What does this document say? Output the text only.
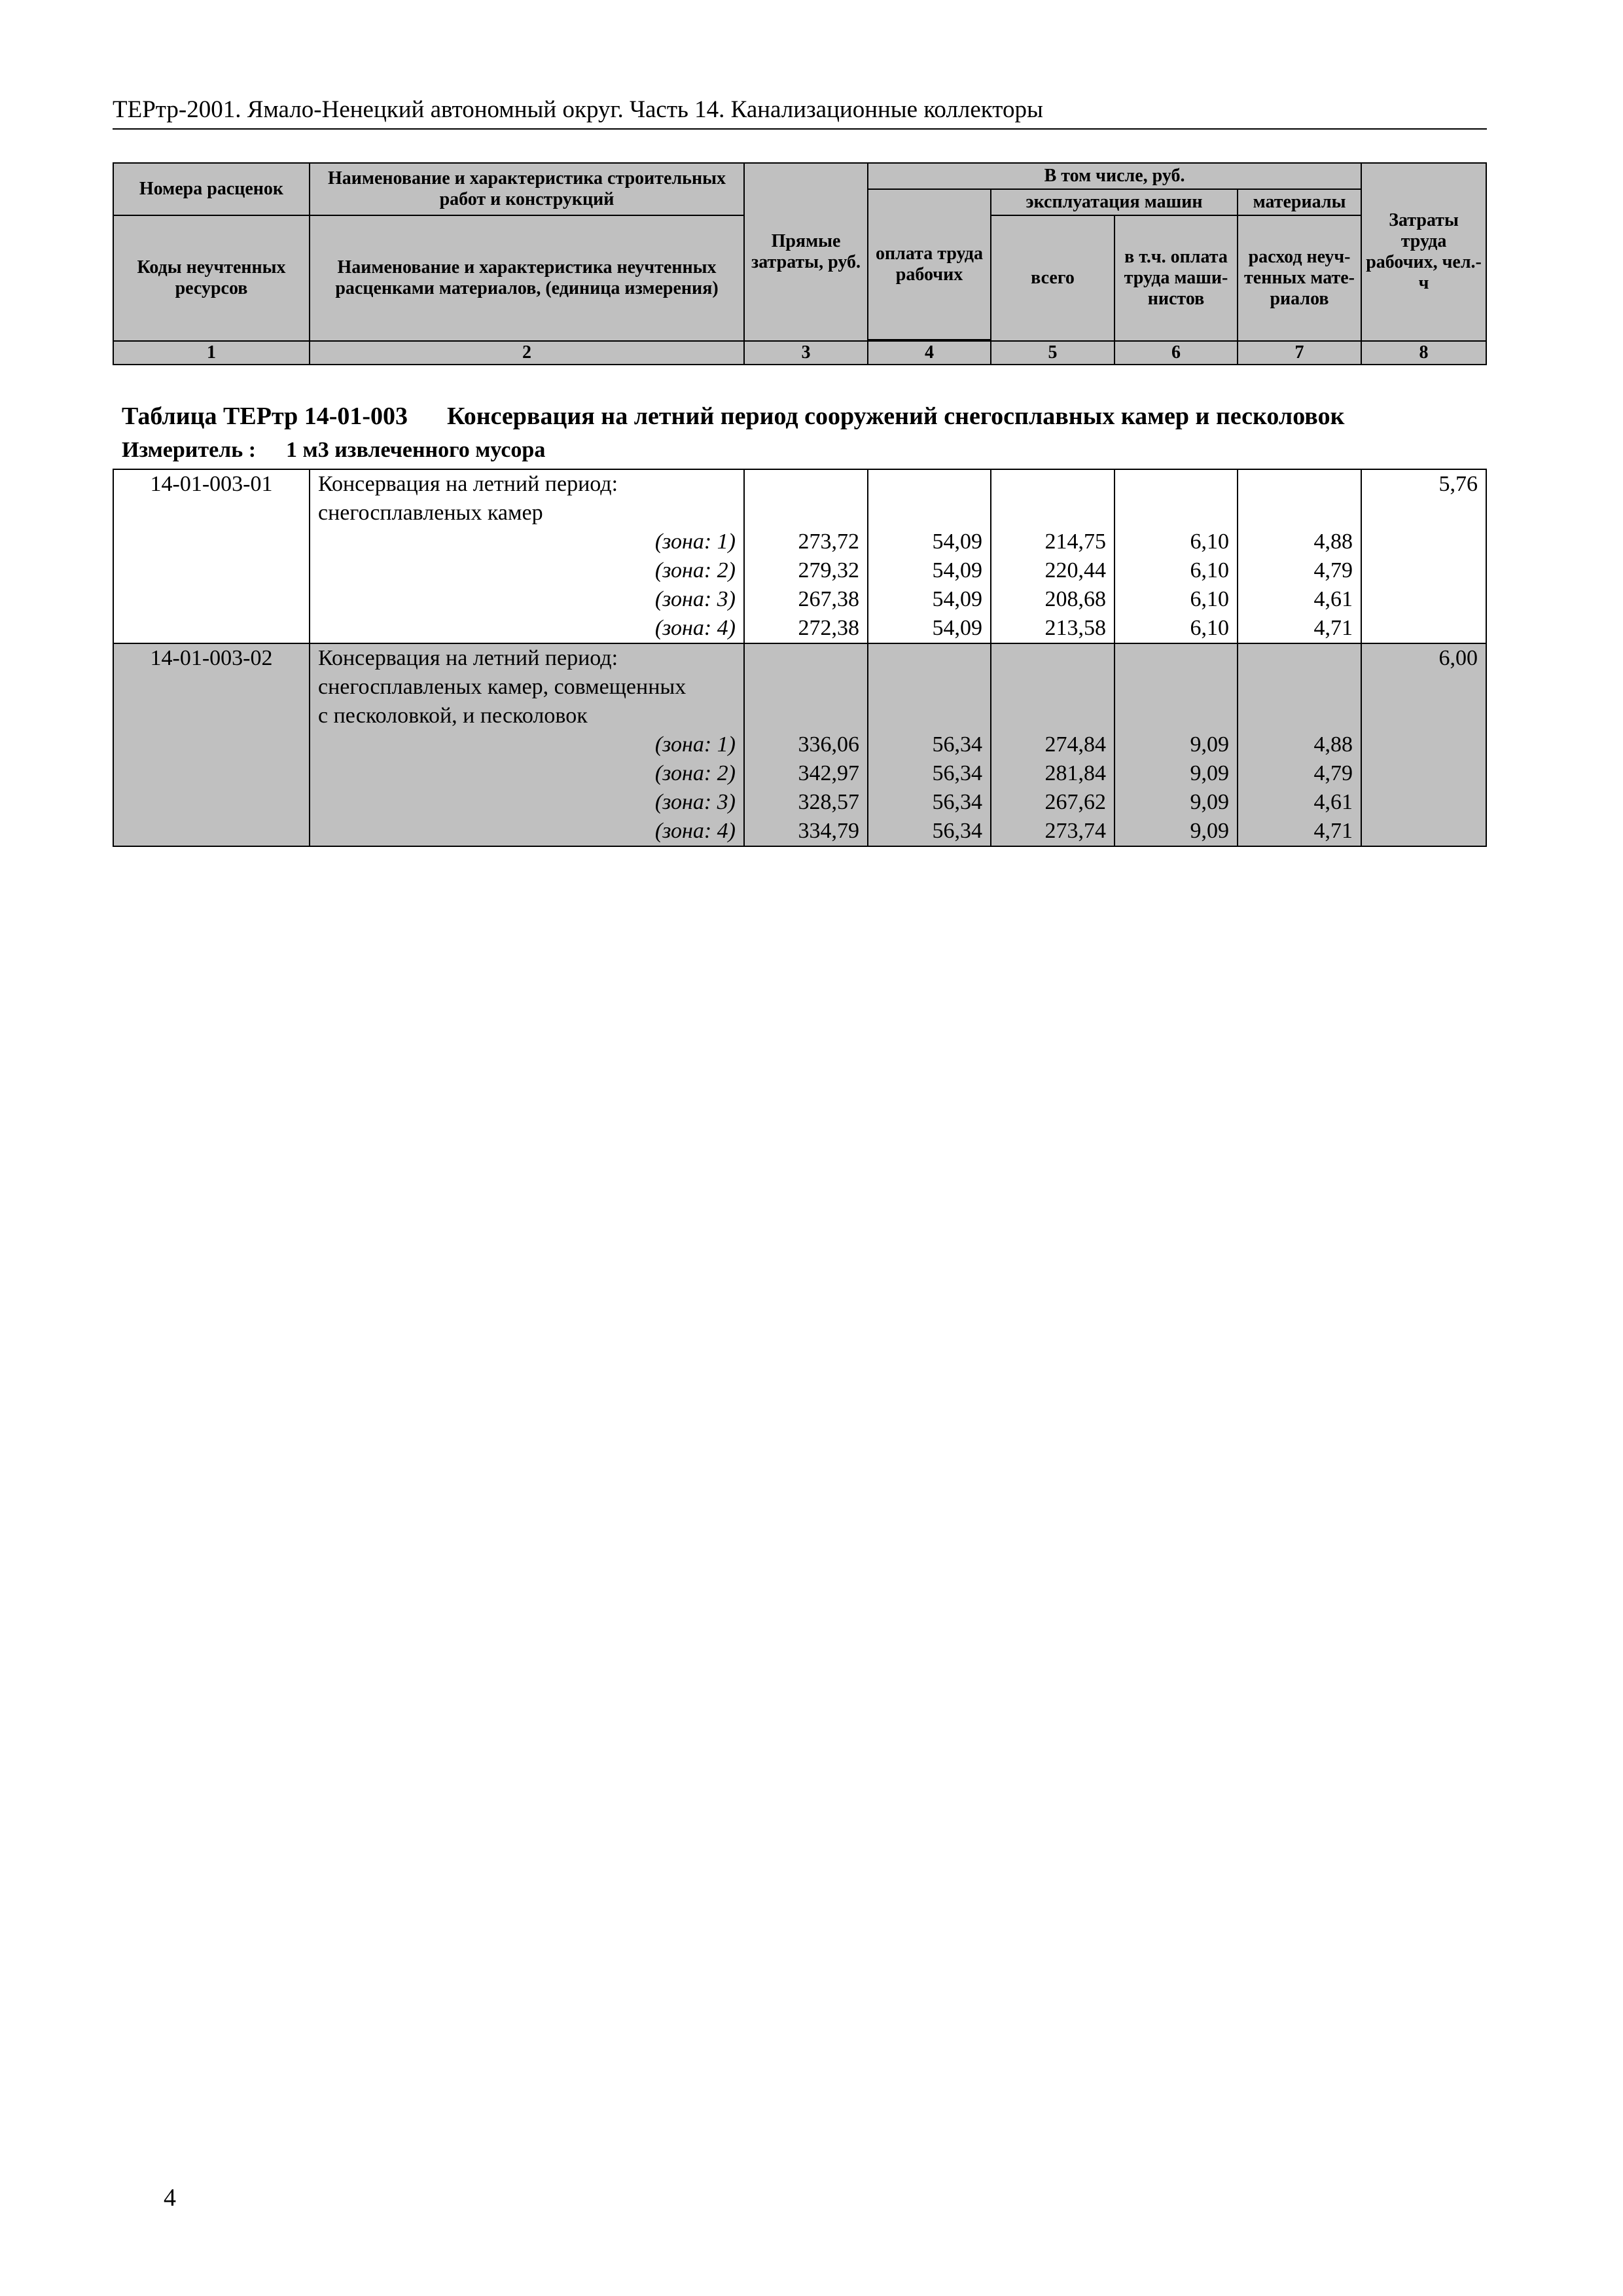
ТЕРтр-2001. Ямало-Ненецкий автономный округ. Часть 14. Канализационные коллекторы
Номера расценок	Наименование и характеристика строительных работ и конструкций	Прямые затраты, руб.	В том числе, руб.				Затраты труда рабочих, чел.-ч
			оплата труда рабочих	эксплуатация машин		материалы	
Коды неучтенных ресурсов	Наименование и характеристика неучтенных расценками материалов, (единица измерения)			всего	в т.ч. оплата труда маши-нистов	расход неуч-тенных мате-риалов	

1	2	3	4	5	6	7	8
Таблица ТЕРтр 14-01-003 Консервация на летний период сооружений снегосплавных камер и песколовок
Измеритель : 1 м3 извлеченного мусора
14-01-003-01	Консервация на летний период:						5,76
	снегосплавленых камер						
	(зона: 1)	273,72	54,09	214,75	6,10	4,88	
	(зона: 2)	279,32	54,09	220,44	6,10	4,79	
	(зона: 3)	267,38	54,09	208,68	6,10	4,61	
	(зона: 4)	272,38	54,09	213,58	6,10	4,71	
14-01-003-02	Консервация на летний период:						6,00
	снегосплавленых камер, совмещенных						
	с песколовкой, и песколовок						
	(зона: 1)	336,06	56,34	274,84	9,09	4,88	
	(зона: 2)	342,97	56,34	281,84	9,09	4,79	
	(зона: 3)	328,57	56,34	267,62	9,09	4,61	
	(зона: 4)	334,79	56,34	273,74	9,09	4,71	
4
